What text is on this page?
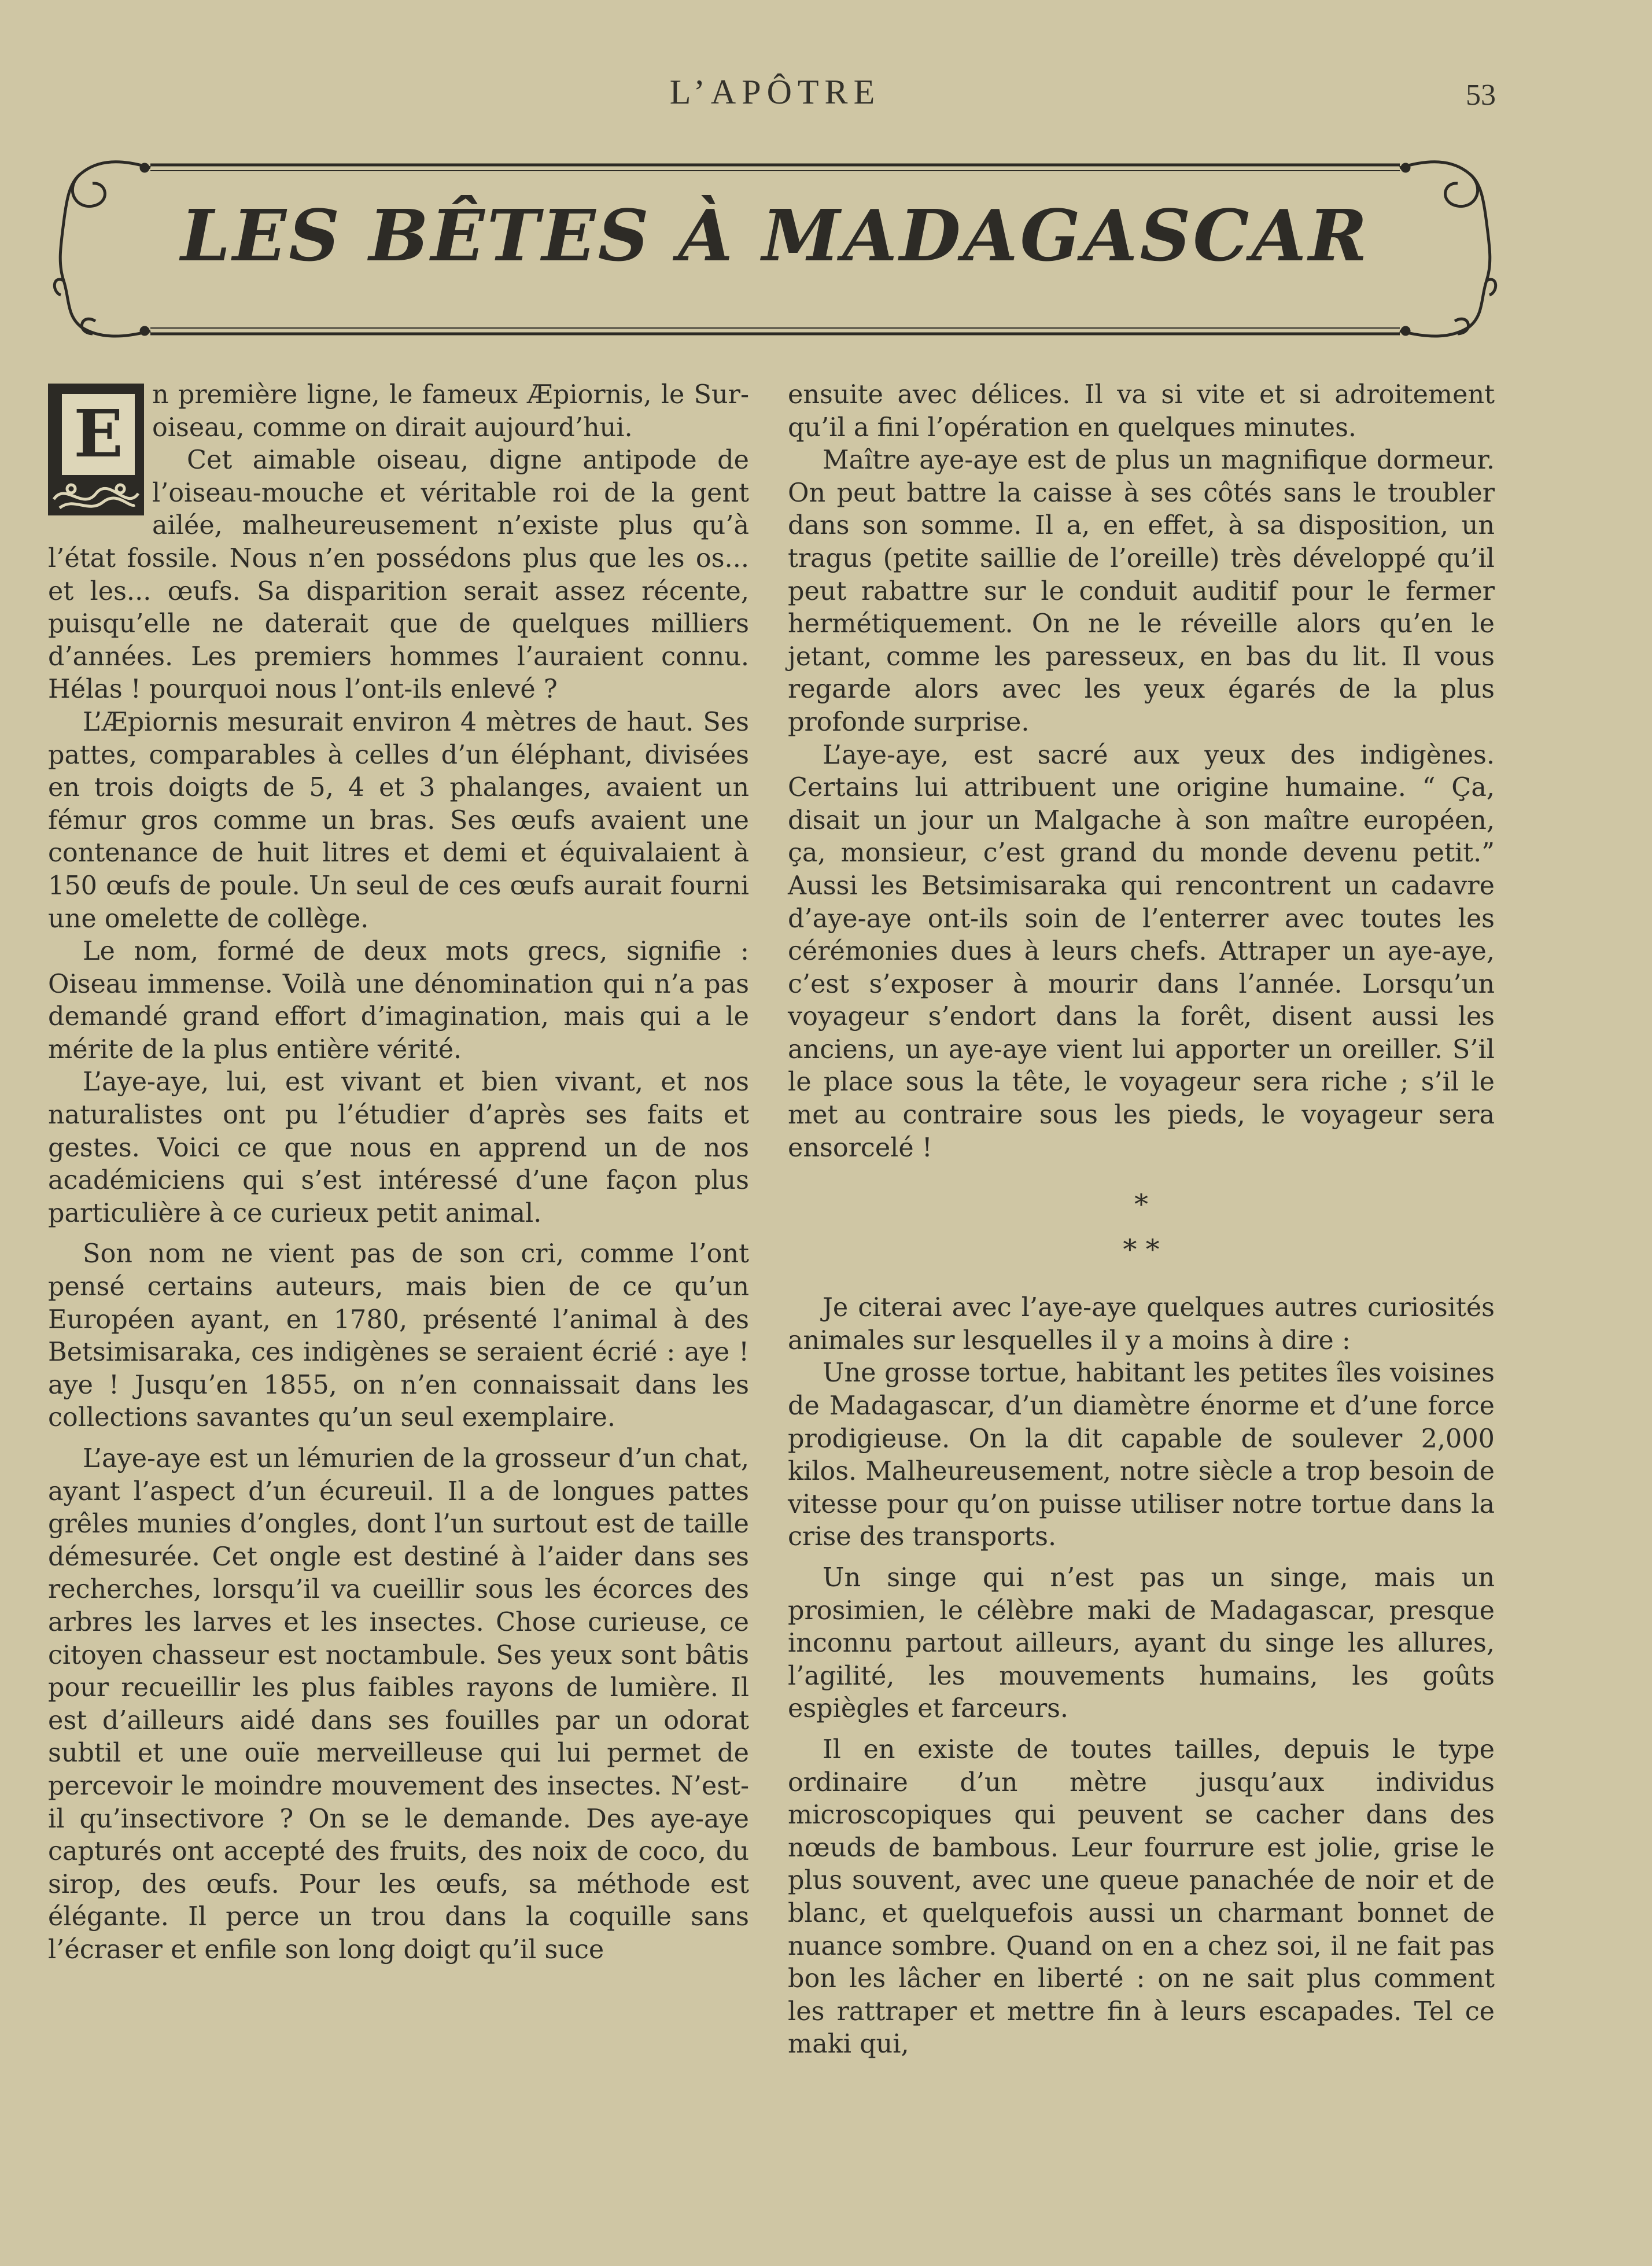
L’APÔTRE	53
LES BÊTES À MADAGASCAR
E

n première ligne, le fameux Æpiornis, le Sur-oiseau, comme on dirait aujourd’hui.

Cet aimable oiseau, digne antipode de l’oiseau-mouche et véritable roi de la gent ailée, malheureusement n’existe plus qu’à l’état fossile. Nous n’en possédons plus que les os... et les... œufs. Sa disparition serait assez récente, puisqu’elle ne daterait que de quelques milliers d’années. Les premiers hommes l’auraient connu. Hélas ! pourquoi nous l’ont-ils enlevé ?

L’Æpiornis mesurait environ 4 mètres de haut. Ses pattes, comparables à celles d’un éléphant, divisées en trois doigts de 5, 4 et 3 phalanges, avaient un fémur gros comme un bras. Ses œufs avaient une contenance de huit litres et demi et équivalaient à 150 œufs de poule. Un seul de ces œufs aurait fourni une omelette de collège.

Le nom, formé de deux mots grecs, signifie : Oiseau immense. Voilà une dénomination qui n’a pas demandé grand effort d’imagination, mais qui a le mérite de la plus entière vérité.

L’aye-aye, lui, est vivant et bien vivant, et nos naturalistes ont pu l’étudier d’après ses faits et gestes. Voici ce que nous en apprend un de nos académiciens qui s’est intéressé d’une façon plus particulière à ce curieux petit animal.

Son nom ne vient pas de son cri, comme l’ont pensé certains auteurs, mais bien de ce qu’un Européen ayant, en 1780, présenté l’animal à des Betsimisaraka, ces indigènes se seraient écrié : aye ! aye ! Jusqu’en 1855, on n’en connaissait dans les collections savantes qu’un seul exemplaire.

L’aye-aye est un lémurien de la grosseur d’un chat, ayant l’aspect d’un écureuil. Il a de longues pattes grêles munies d’ongles, dont l’un surtout est de taille démesurée. Cet ongle est destiné à l’aider dans ses recherches, lorsqu’il va cueillir sous les écorces des arbres les larves et les insectes. Chose curieuse, ce citoyen chasseur est noctambule. Ses yeux sont bâtis pour recueillir les plus faibles rayons de lumière. Il est d’ailleurs aidé dans ses fouilles par un odorat subtil et une ouïe merveilleuse qui lui permet de percevoir le moindre mouvement des insectes. N’est-il qu’insectivore ? On se le demande. Des aye-aye capturés ont accepté des fruits, des noix de coco, du sirop, des œufs. Pour les œufs, sa méthode est élégante. Il perce un trou dans la coquille sans l’écraser et enfile son long doigt qu’il suce

ensuite avec délices. Il va si vite et si adroitement qu’il a fini l’opération en quelques minutes.

Maître aye-aye est de plus un magnifique dormeur. On peut battre la caisse à ses côtés sans le troubler dans son somme. Il a, en effet, à sa disposition, un tragus (petite saillie de l’oreille) très développé qu’il peut rabattre sur le conduit auditif pour le fermer hermétiquement. On ne le réveille alors qu’en le jetant, comme les paresseux, en bas du lit. Il vous regarde alors avec les yeux égarés de la plus profonde surprise.

L’aye-aye, est sacré aux yeux des indigènes. Certains lui attribuent une origine humaine. “ Ça, disait un jour un Malgache à son maître européen, ça, monsieur, c’est grand du monde devenu petit.” Aussi les Betsimisaraka qui rencontrent un cadavre d’aye-aye ont-ils soin de l’enterrer avec toutes les cérémonies dues à leurs chefs. Attraper un aye-aye, c’est s’exposer à mourir dans l’année. Lorsqu’un voyageur s’endort dans la forêt, disent aussi les anciens, un aye-aye vient lui apporter un oreiller. S’il le place sous la tête, le voyageur sera riche ; s’il le met au contraire sous les pieds, le voyageur sera ensorcelé !

*
* *

Je citerai avec l’aye-aye quelques autres curiosités animales sur lesquelles il y a moins à dire :

Une grosse tortue, habitant les petites îles voisines de Madagascar, d’un diamètre énorme et d’une force prodigieuse. On la dit capable de soulever 2,000 kilos. Malheureusement, notre siècle a trop besoin de vitesse pour qu’on puisse utiliser notre tortue dans la crise des transports.

Un singe qui n’est pas un singe, mais un prosimien, le célèbre maki de Madagascar, presque inconnu partout ailleurs, ayant du singe les allures, l’agilité, les mouvements humains, les goûts espiègles et farceurs.

Il en existe de toutes tailles, depuis le type ordinaire d’un mètre jusqu’aux individus microscopiques qui peuvent se cacher dans des nœuds de bambous. Leur fourrure est jolie, grise le plus souvent, avec une queue panachée de noir et de blanc, et quelquefois aussi un charmant bonnet de nuance sombre. Quand on en a chez soi, il ne fait pas bon les lâcher en liberté : on ne sait plus comment les rattraper et mettre fin à leurs escapades. Tel ce maki qui,
